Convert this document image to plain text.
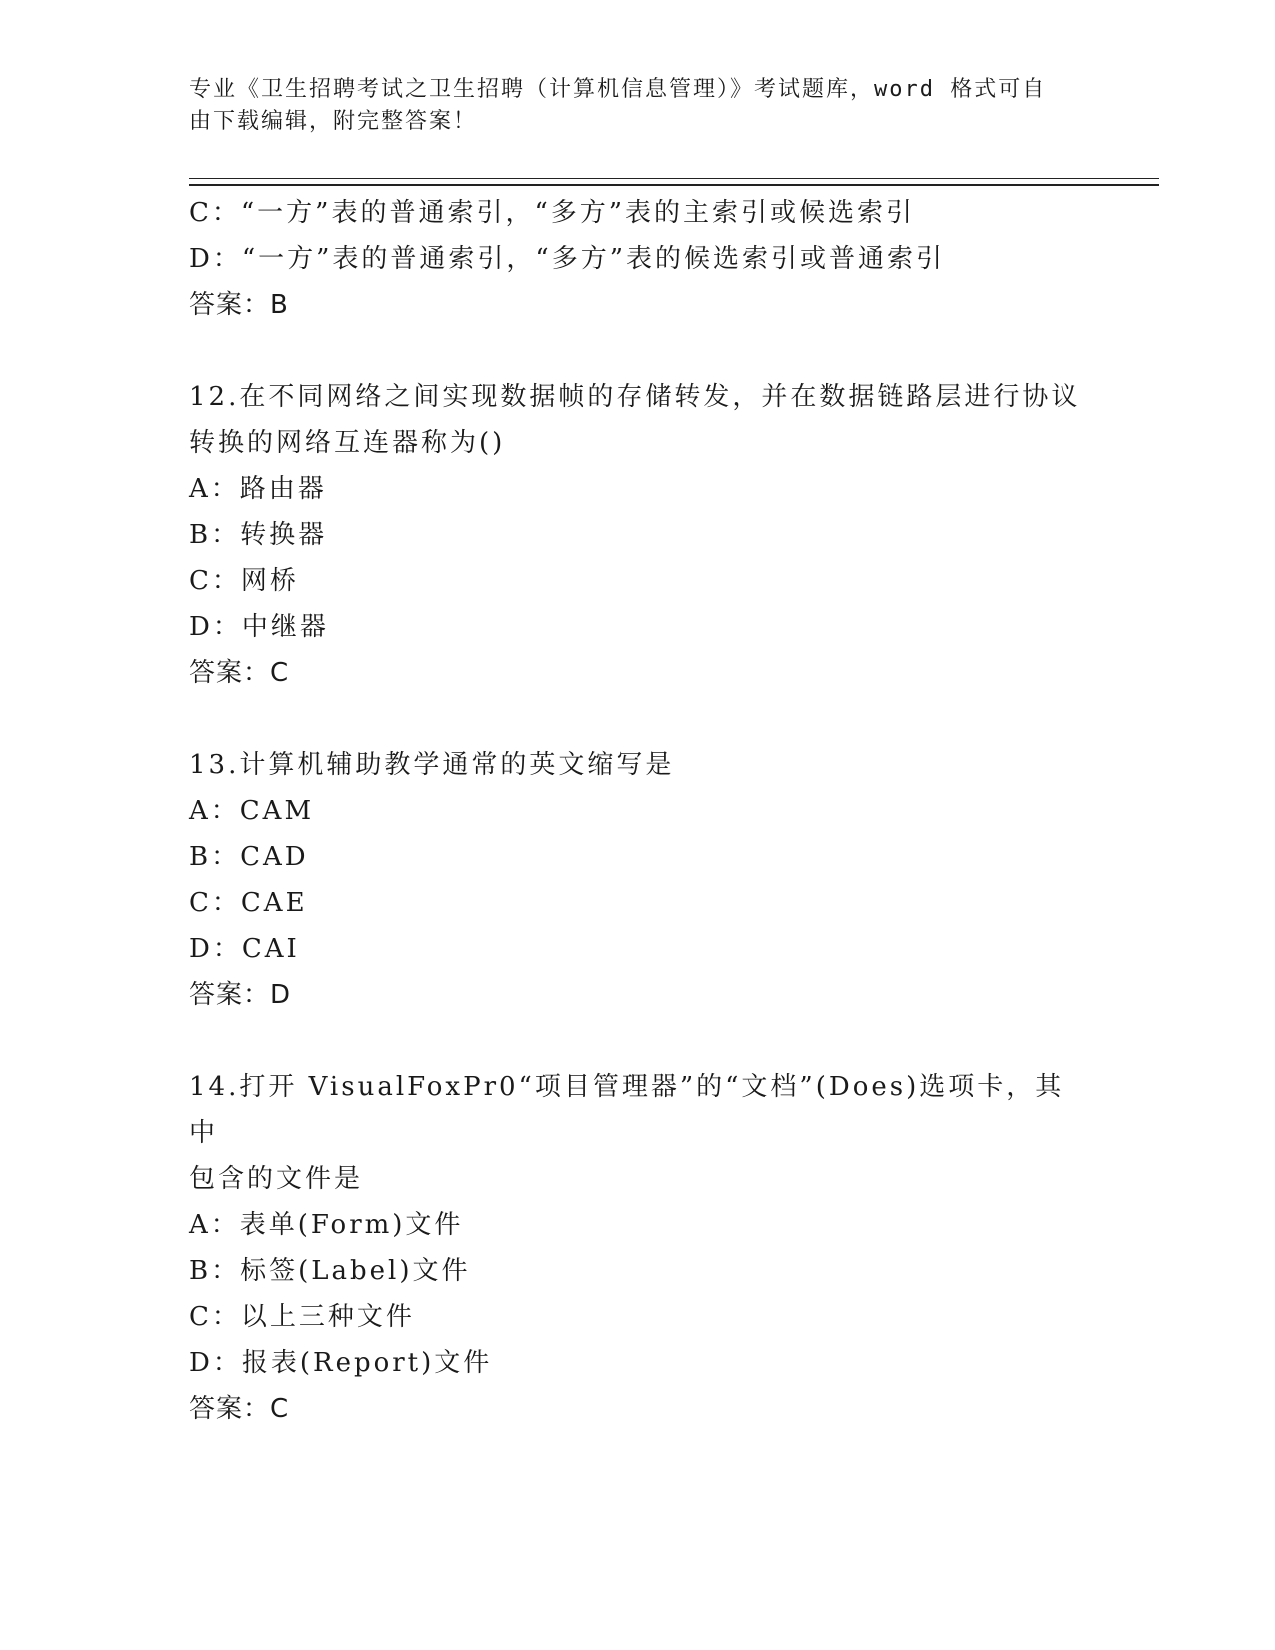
专业《卫生招聘考试之卫生招聘（计算机信息管理）》考试题库，word 格式可自
由下载编辑，附完整答案！
C：“一方”表的普通索引，“多方”表的主索引或候选索引
D：“一方”表的普通索引，“多方”表的候选索引或普通索引
答案：B
12.在不同网络之间实现数据帧的存储转发，并在数据链路层进行协议
转换的网络互连器称为()
A：路由器
B：转换器
C：网桥
D：中继器
答案：C
13.计算机辅助教学通常的英文缩写是
A：CAM
B：CAD
C：CAE
D：CAI
答案：D
14.打开 VisualFoxPr0“项目管理器”的“文档”(Does)选项卡，其中
包含的文件是
A：表单(Form)文件
B：标签(Label)文件
C：以上三种文件
D：报表(Report)文件
答案：C
